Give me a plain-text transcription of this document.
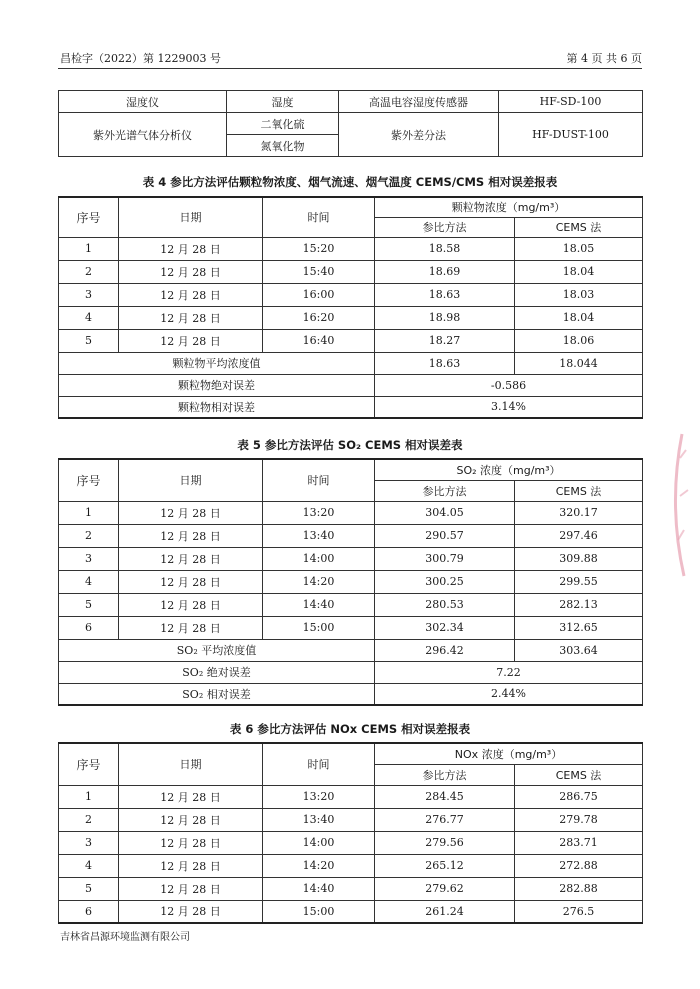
昌检字（2022）第 1229003 号	第 4 页 共 6 页
湿度仪	湿度	高温电容湿度传感器	HF-SD-100
紫外光谱气体分析仪	二氧化硫	紫外差分法	HF-DUST-100
	氮氧化物		
表 4 参比方法评估颗粒物浓度、烟气流速、烟气温度 CEMS/CMS 相对误差报表
序号	日期	时间	颗粒物浓度（mg/m³）	
			参比方法	CEMS 法
1	12 月 28 日	15:20	18.58	18.05
2	12 月 28 日	15:40	18.69	18.04
3	12 月 28 日	16:00	18.63	18.03
4	12 月 28 日	16:20	18.98	18.04
5	12 月 28 日	16:40	18.27	18.06
颗粒物平均浓度值			18.63	18.044
颗粒物绝对误差			-0.586	
颗粒物相对误差			3.14%	
表 5 参比方法评估 SO₂ CEMS 相对误差表
序号	日期	时间	SO₂ 浓度（mg/m³）	
			参比方法	CEMS 法
1	12 月 28 日	13:20	304.05	320.17
2	12 月 28 日	13:40	290.57	297.46
3	12 月 28 日	14:00	300.79	309.88
4	12 月 28 日	14:20	300.25	299.55
5	12 月 28 日	14:40	280.53	282.13
6	12 月 28 日	15:00	302.34	312.65
SO₂ 平均浓度值			296.42	303.64
SO₂ 绝对误差			7.22	
SO₂ 相对误差			2.44%	
表 6 参比方法评估 NOx CEMS 相对误差报表
序号	日期	时间	NOx 浓度（mg/m³）	
			参比方法	CEMS 法
1	12 月 28 日	13:20	284.45	286.75
2	12 月 28 日	13:40	276.77	279.78
3	12 月 28 日	14:00	279.56	283.71
4	12 月 28 日	14:20	265.12	272.88
5	12 月 28 日	14:40	279.62	282.88
6	12 月 28 日	15:00	261.24	276.5
吉林省昌源环境监测有限公司
